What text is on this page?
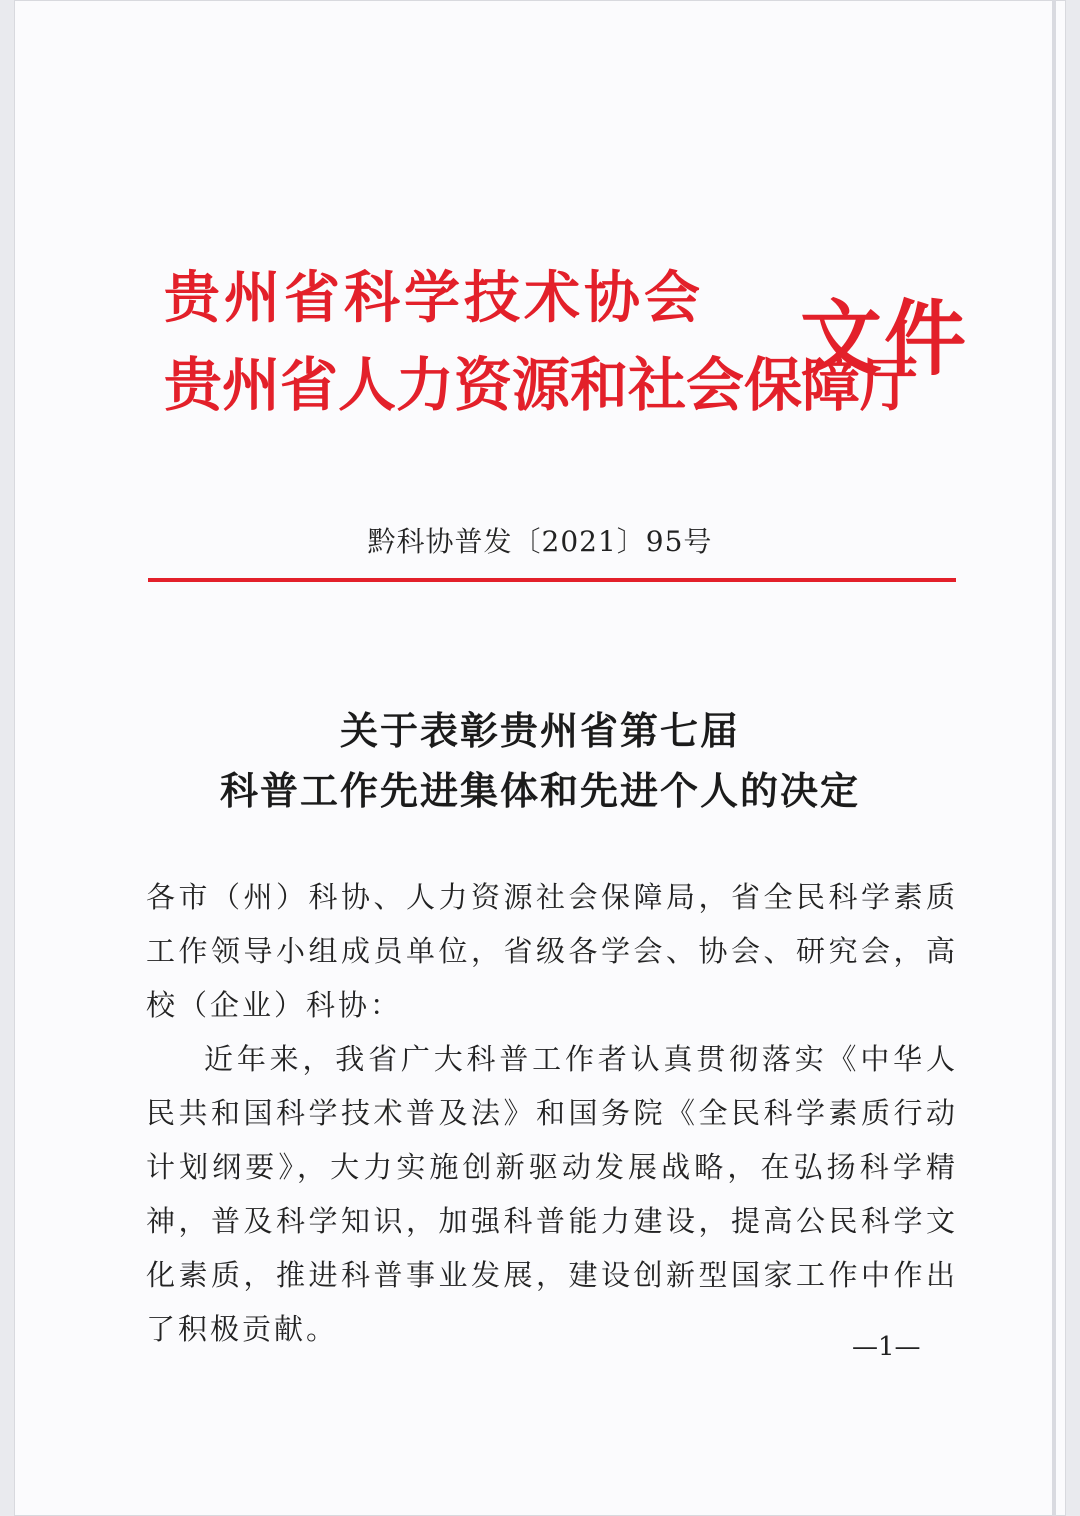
贵州省科学技术协会
贵州省人力资源和社会保障厅
文件
黔科协普发〔2021〕95号
关于表彰贵州省第七届
科普工作先进集体和先进个人的决定

各市（州）科协、人力资源社会保障局，省全民科学素质工作领导小组成员单位，省级各学会、协会、研究会，高校（企业）科协：

近年来，我省广大科普工作者认真贯彻落实《中华人民共和国科学技术普及法》和国务院《全民科学素质行动计划纲要》，大力实施创新驱动发展战略，在弘扬科学精神，普及科学知识，加强科普能力建设，提高公民科学文化素质，推进科普事业发展，建设创新型国家工作中作出了积极贡献。

—1—
